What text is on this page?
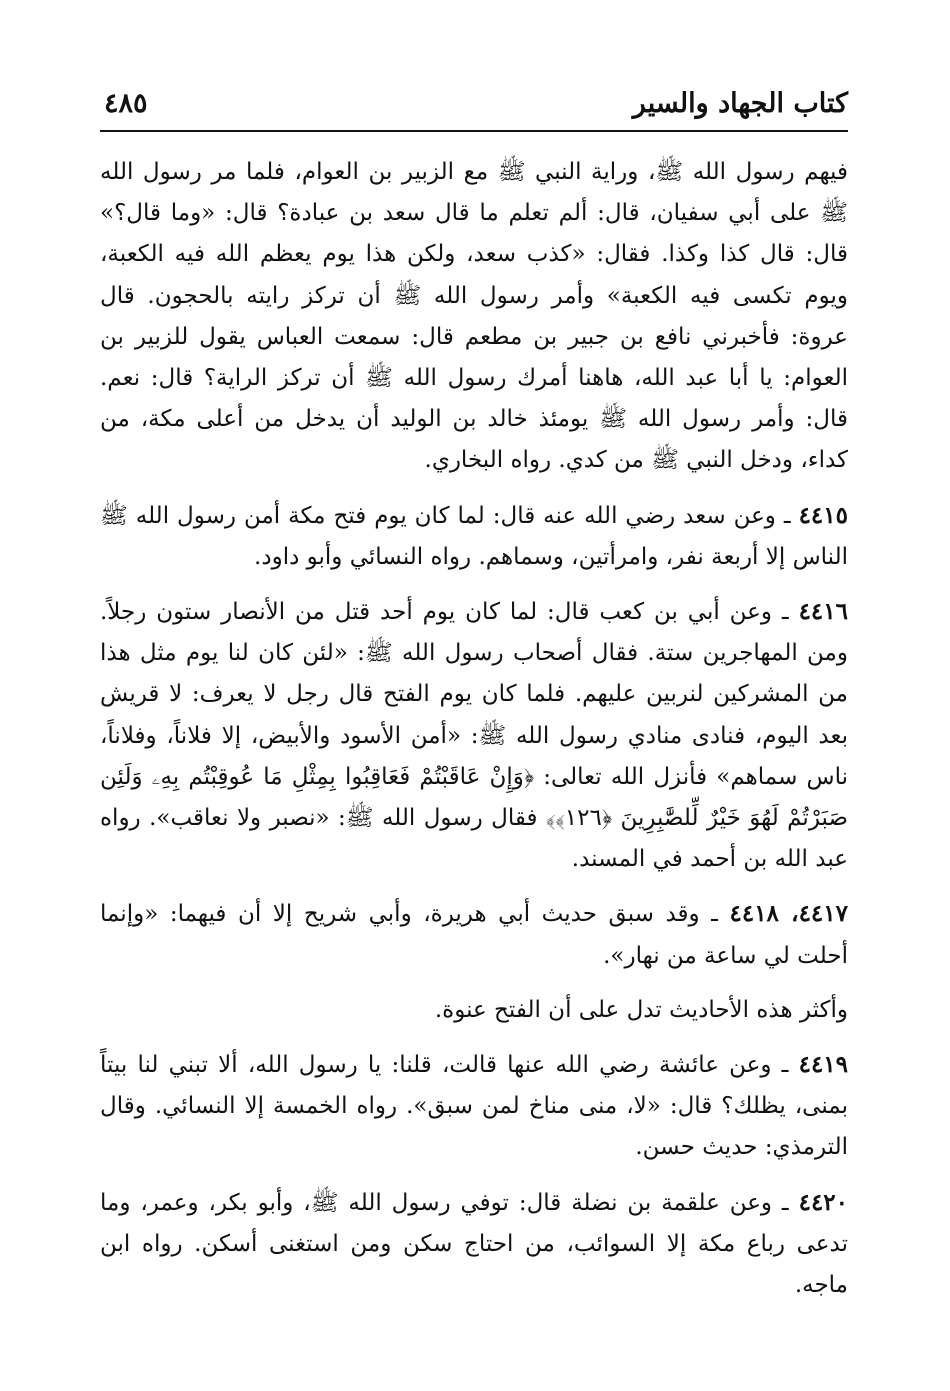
كتاب الجهاد والسير
٤٨٥

فيهم رسول الله ﷺ، وراية النبي ﷺ مع الزبير بن العوام، فلما مر رسول الله ﷺ على أبي سفيان، قال: ألم تعلم ما قال سعد بن عبادة؟ قال: «وما قال؟» قال: قال كذا وكذا. فقال: «كذب سعد، ولكن هذا يوم يعظم الله فيه الكعبة، ويوم تكسى فيه الكعبة» وأمر رسول الله ﷺ أن تركز رايته بالحجون. قال عروة: فأخبرني نافع بن جبير بن مطعم قال: سمعت العباس يقول للزبير بن العوام: يا أبا عبد الله، هاهنا أمرك رسول الله ﷺ أن تركز الراية؟ قال: نعم. قال: وأمر رسول الله ﷺ يومئذ خالد بن الوليد أن يدخل من أعلى مكة، من كداء، ودخل النبي ﷺ من كدي. رواه البخاري.

٤٤١٥ ـ وعن سعد رضي الله عنه قال: لما كان يوم فتح مكة أمن رسول الله ﷺ الناس إلا أربعة نفر، وامرأتين، وسماهم. رواه النسائي وأبو داود.

٤٤١٦ ـ وعن أبي بن كعب قال: لما كان يوم أحد قتل من الأنصار ستون رجلاً. ومن المهاجرين ستة. فقال أصحاب رسول الله ﷺ: «لئن كان لنا يوم مثل هذا من المشركين لنربين عليهم. فلما كان يوم الفتح قال رجل لا يعرف: لا قريش بعد اليوم، فنادى منادي رسول الله ﷺ: «أمن الأسود والأبيض، إلا فلاناً، وفلاناً، ناس سماهم» فأنزل الله تعالى: ﴿وَإِنْ عَاقَبْتُمْ فَعَاقِبُوا بِمِثْلِ مَا عُوقِبْتُم بِهِۦ وَلَئِن صَبَرْتُمْ لَهُوَ خَيْرٌ لِّلصَّٰبِرِينَ ﴿١٢٦﴾﴾ فقال رسول الله ﷺ: «نصبر ولا نعاقب». رواه عبد الله بن أحمد في المسند.

٤٤١٧، ٤٤١٨ ـ وقد سبق حديث أبي هريرة، وأبي شريح إلا أن فيهما: «وإنما أحلت لي ساعة من نهار».

وأكثر هذه الأحاديث تدل على أن الفتح عنوة.

٤٤١٩ ـ وعن عائشة رضي الله عنها قالت، قلنا: يا رسول الله، ألا تبني لنا بيتاً بمنى، يظلك؟ قال: «لا، منى مناخ لمن سبق». رواه الخمسة إلا النسائي. وقال الترمذي: حديث حسن.

٤٤٢٠ ـ وعن علقمة بن نضلة قال: توفي رسول الله ﷺ، وأبو بكر، وعمر، وما تدعى رباع مكة إلا السوائب، من احتاج سكن ومن استغنى أسكن. رواه ابن ماجه.
